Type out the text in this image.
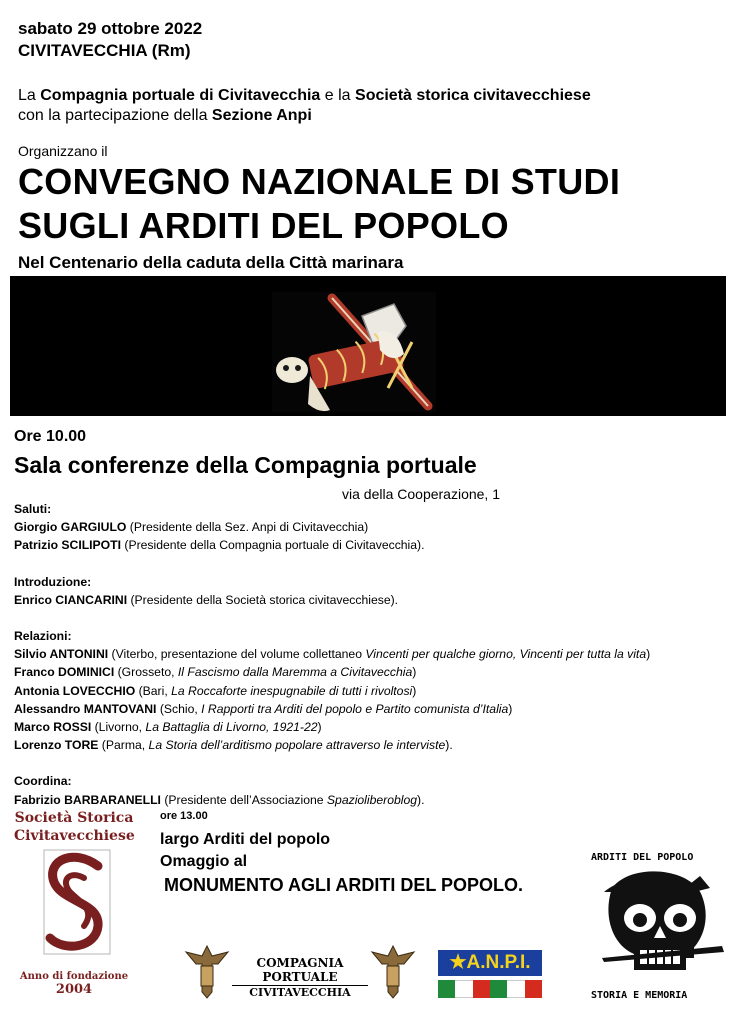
sabato 29 ottobre 2022
CIVITAVECCHIA (Rm)
La Compagnia portuale di Civitavecchia e la Società storica civitavecchiese
con la partecipazione della Sezione Anpi
Organizzano il
CONVEGNO NAZIONALE DI STUDI
SUGLI ARDITI DEL POPOLO
Nel Centenario della caduta della Città marinara
Ore 10.00
Sala conferenze della Compagnia portuale
via della Cooperazione, 1
Saluti:
Giorgio GARGIULO (Presidente della Sez. Anpi di Civitavecchia)
Patrizio SCILIPOTI (Presidente della Compagnia portuale di Civitavecchia).
Introduzione:
Enrico CIANCARINI (Presidente della Società storica civitavecchiese).
Relazioni:
Silvio ANTONINI (Viterbo, presentazione del volume collettaneo Vincenti per qualche giorno, Vincenti per tutta la vita)
Franco DOMINICI (Grosseto, Il Fascismo dalla Maremma a Civitavecchia)
Antonia LOVECCHIO (Bari, La Roccaforte inespugnabile di tutti i rivoltosi)
Alessandro MANTOVANI (Schio, I Rapporti tra Arditi del popolo e Partito comunista d’Italia)
Marco ROSSI (Livorno, La Battaglia di Livorno, 1921-22)
Lorenzo TORE (Parma, La Storia dell’arditismo popolare attraverso le interviste).
Coordina:
Fabrizio BARBARANELLI (Presidente dell’Associazione Spazioliberoblog).
Società Storica
Civitavecchiese
Anno di fondazione
2004
ore 13.00
largo Arditi del popolo
Omaggio al
MONUMENTO AGLI ARDITI DEL POPOLO.
COMPAGNIA PORTUALE
CIVITAVECCHIA
★A.N.P.I.
ARDITI DEL POPOLO
STORIA E MEMORIA
